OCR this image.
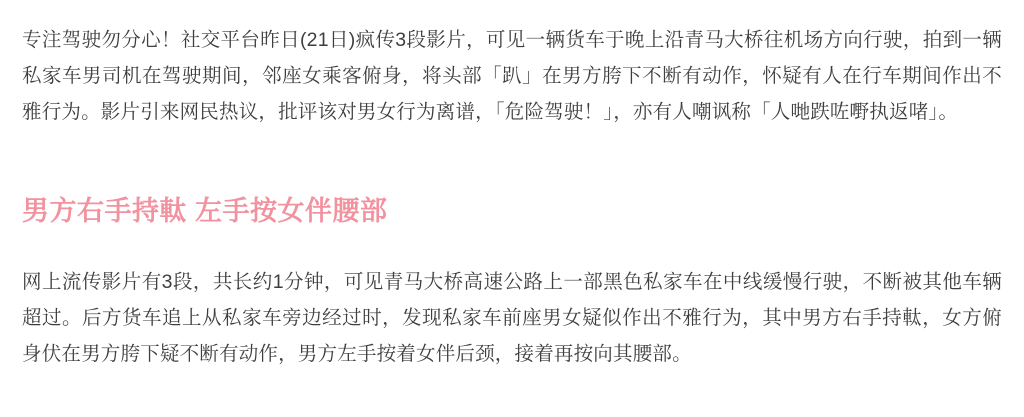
专注驾驶勿分心！社交平台昨日(21日)疯传3段影片，可见一辆货车于晚上沿青马大桥往机场方向行驶，拍到一辆私家车男司机在驾驶期间，邻座女乘客俯身，将头部「趴」在男方胯下不断有动作，怀疑有人在行车期间作出不雅行为。影片引来网民热议，批评该对男女行为离谱，「危险驾驶！」，亦有人嘲讽称「人哋跌咗嘢执返啫」。

男方右手持軚 左手按女伴腰部

网上流传影片有3段，共长约1分钟，可见青马大桥高速公路上一部黑色私家车在中线缓慢行驶，不断被其他车辆超过。后方货车追上从私家车旁边经过时，发现私家车前座男女疑似作出不雅行为，其中男方右手持軚，女方俯身伏在男方胯下疑不断有动作，男方左手按着女伴后颈，接着再按向其腰部。
